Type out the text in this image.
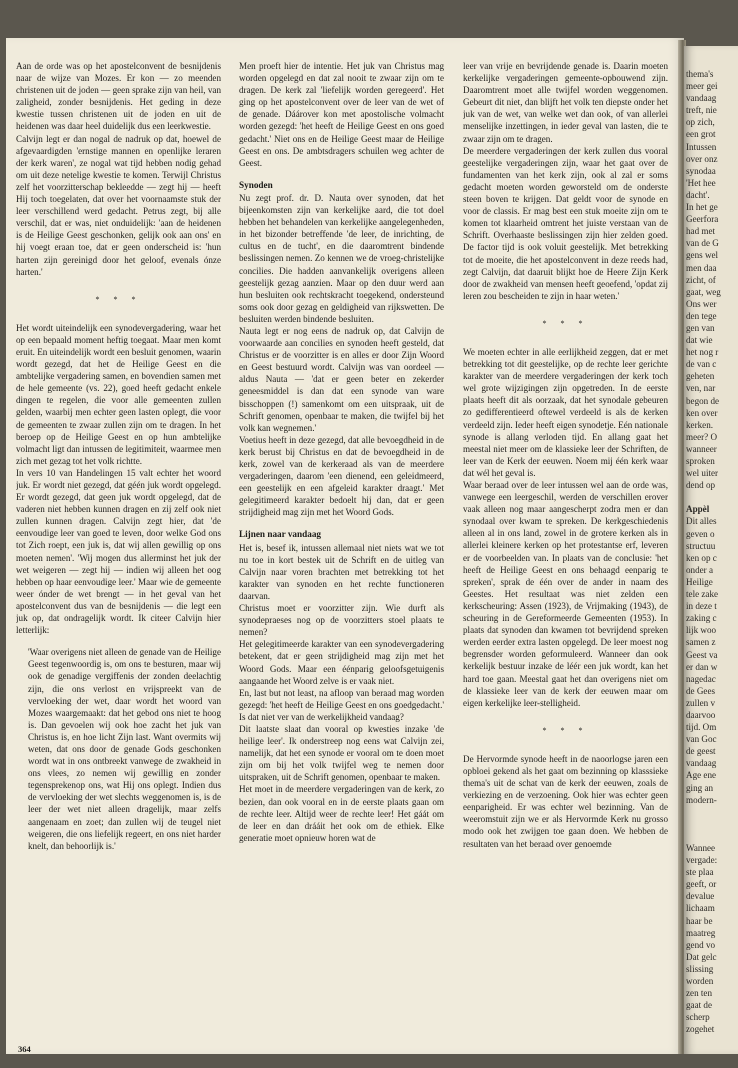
Aan de orde was op het apostelconvent de besnijdenis naar de wijze van Mozes. Er kon — zo meenden christenen uit de joden — geen sprake zijn van heil, van zaligheid, zonder besnijdenis. Het geding in deze kwestie tussen christenen uit de joden en uit de heidenen was daar heel duidelijk dus een leerkwestie.

Calvijn legt er dan nogal de nadruk op dat, hoewel de afgevaardigden 'ernstige mannen en openlijke leraren der kerk waren', ze nogal wat tijd hebben nodig gehad om uit deze netelige kwestie te komen. Terwijl Christus zelf het voorzitterschap bekleedde — zegt hij — heeft Hij toch toegelaten, dat over het voornaamste stuk der leer verschillend werd gedacht. Petrus zegt, bij alle verschil, dat er was, niet onduidelijk: 'aan de heidenen is de Heilige Geest geschonken, gelijk ook aan ons' en hij voegt eraan toe, dat er geen onderscheid is: 'hun harten zijn gereinigd door het geloof, evenals ónze harten.'

* * *

Het wordt uiteindelijk een synodevergadering, waar het op een bepaald moment heftig toegaat. Maar men komt eruit. En uiteindelijk wordt een besluit genomen, waarin wordt gezegd, dat het de Heilige Geest en die ambtelijke vergadering samen, en bovendien samen met de hele gemeente (vs. 22), goed heeft gedacht enkele dingen te regelen, die voor alle gemeenten zullen gelden, waarbij men echter geen lasten oplegt, die voor de gemeenten te zwaar zullen zijn om te dragen. In het beroep op de Heilige Geest en op hun ambtelijke volmacht ligt dan intussen de legitimiteit, waarmee men zich met gezag tot het volk richtte.

In vers 10 van Handelingen 15 valt echter het woord juk. Er wordt niet gezegd, dat géén juk wordt opgelegd. Er wordt gezegd, dat geen juk wordt opgelegd, dat de vaderen niet hebben kunnen dragen en zij zelf ook niet zullen kunnen dragen. Calvijn zegt hier, dat 'de eenvoudige leer van goed te leven, door welke God ons tot Zich roept, een juk is, dat wij allen gewillig op ons moeten nemen'. 'Wij mogen dus allerminst het juk der wet weigeren — zegt hij — indien wij alleen het oog hebben op haar eenvoudige leer.' Maar wie de gemeente weer ónder de wet brengt — in het geval van het apostelconvent dus van de besnijdenis — die legt een juk op, dat ondragelijk wordt. Ik citeer Calvijn hier letterlijk:

'Waar overigens niet alleen de genade van de Heilige Geest tegenwoordig is, om ons te besturen, maar wij ook de genadige vergiffenis der zonden deelachtig zijn, die ons verlost en vrijspreekt van de vervloeking der wet, daar wordt het woord van Mozes waargemaakt: dat het gebod ons niet te hoog is. Dan gevoelen wij ook hoe zacht het juk van Christus is, en hoe licht Zijn last. Want overmits wij weten, dat ons door de genade Gods geschonken wordt wat in ons ontbreekt vanwege de zwakheid in ons vlees, zo nemen wij gewillig en zonder tegensprekenop ons, wat Hij ons oplegt. Indien dus de vervloeking der wet slechts weggenomen is, is de leer der wet niet alleen dragelijk, maar zelfs aangenaam en zoet; dan zullen wij de teugel niet weigeren, die ons liefelijk regeert, en ons niet harder knelt, dan behoorlijk is.'

Men proeft hier de intentie. Het juk van Christus mag worden opgelegd en dat zal nooit te zwaar zijn om te dragen. De kerk zal 'liefelijk worden geregeerd'. Het ging op het apostelconvent over de leer van de wet of de genade. Dáárover kon met apostolische volmacht worden gezegd: 'het heeft de Heilige Geest en ons goed gedacht.' Niet ons en de Heilige Geest maar de Heilige Geest en ons. De ambtsdragers schuilen weg achter de Geest.

Synoden

Nu zegt prof. dr. D. Nauta over synoden, dat het bijeenkomsten zijn van kerkelijke aard, die tot doel hebben het behandelen van kerkelijke aangelegenheden, in het bizonder betreffende 'de leer, de inrichting, de cultus en de tucht', en die daaromtrent bindende beslissingen nemen. Zo kennen we de vroeg-christelijke concilies. Die hadden aanvankelijk overigens alleen geestelijk gezag aanzien. Maar op den duur werd aan hun besluiten ook rechtskracht toegekend, ondersteund soms ook door gezag en geldigheid van rijkswetten. De besluiten werden bindende besluiten.

Nauta legt er nog eens de nadruk op, dat Calvijn de voorwaarde aan concilies en synoden heeft gesteld, dat Christus er de voorzitter is en alles er door Zijn Woord en Geest bestuurd wordt. Calvijn was van oordeel — aldus Nauta — 'dat er geen beter en zekerder geneesmiddel is dan dat een synode van ware bisschoppen (!) samenkomt om een uitspraak, uit de Schrift genomen, openbaar te maken, die twijfel bij het volk kan wegnemen.'

Voetius heeft in deze gezegd, dat alle bevoegdheid in de kerk berust bij Christus en dat de bevoegdheid in de kerk, zowel van de kerkeraad als van de meerdere vergaderingen, daarom 'een dienend, een geleidmeerd, een geestelijk en een afgeleid karakter draagt.' Met gelegitimeerd karakter bedoelt hij dan, dat er geen strijdigheid mag zijn met het Woord Gods.

Lijnen naar vandaag

Het is, besef ik, intussen allemaal niet niets wat we tot nu toe in kort bestek uit de Schrift en de uitleg van Calvijn naar voren brachten met betrekking tot het karakter van synoden en het rechte functioneren daarvan.

Christus moet er voorzitter zijn. Wie durft als synodepraeses nog op de voorzitters stoel plaats te nemen?

Het gelegitimeerde karakter van een synodevergadering betekent, dat er geen strijdigheid mag zijn met het Woord Gods. Maar een éénparig geloofsgetuigenis aangaande het Woord zelve is er vaak niet.

En, last but not least, na afloop van beraad mag worden gezegd: 'het heeft de Heilige Geest en ons goedgedacht.' Is dat niet ver van de werkelijkheid vandaag?

Dit laatste slaat dan vooral op kwesties inzake 'de heilige leer'. Ik onderstreep nog eens wat Calvijn zei, namelijk, dat het een synode er vooral om te doen moet zijn om bij het volk twijfel weg te nemen door uitspraken, uit de Schrift genomen, openbaar te maken.

Het moet in de meerdere vergaderingen van de kerk, zo bezien, dan ook vooral en in de eerste plaats gaan om de rechte leer. Altijd weer de rechte leer! Het gáát om de leer en dan drááit het ook om de ethiek. Elke generatie moet opnieuw horen wat de

leer van vrije en bevrijdende genade is. Daarin moeten kerkelijke vergaderingen gemeente-opbouwend zijn. Daaromtrent moet alle twijfel worden weggenomen. Gebeurt dit niet, dan blijft het volk ten diepste onder het juk van de wet, van welke wet dan ook, of van allerlei menselijke inzettingen, in ieder geval van lasten, die te zwaar zijn om te dragen.

De meerdere vergaderingen der kerk zullen dus vooral geestelijke vergaderingen zijn, waar het gaat over de fundamenten van het kerk zijn, ook al zal er soms gedacht moeten worden geworsteld om de onderste steen boven te krijgen. Dat geldt voor de synode en voor de classis. Er mag best een stuk moeite zijn om te komen tot klaarheid omtrent het juiste verstaan van de Schrift. Overhaaste beslissingen zijn hier zelden goed. De factor tijd is ook voluit geestelijk. Met betrekking tot de moeite, die het apostelconvent in deze reeds had, zegt Calvijn, dat daaruit blijkt hoe de Heere Zijn Kerk door de zwakheid van mensen heeft geoefend, 'opdat zij leren zou bescheiden te zijn in haar weten.'

* * *

We moeten echter in alle eerlijkheid zeggen, dat er met betrekking tot dit geestelijke, op de rechte leer gerichte karakter van de meerdere vergaderingen der kerk toch wel grote wijzigingen zijn opgetreden. In de eerste plaats heeft dit als oorzaak, dat het synodale gebeuren zo gedifferentieerd oftewel verdeeld is als de kerken verdeeld zijn. Ieder heeft eigen synodetje. Eén nationale synode is allang verloden tijd. En allang gaat het meestal niet meer om de klassieke leer der Schriften, de leer van de Kerk der eeuwen. Noem mij één kerk waar dat wél het geval is.

Waar beraad over de leer intussen wel aan de orde was, vanwege een leergeschil, werden de verschillen erover vaak alleen nog maar aangescherpt zodra men er dan synodaal over kwam te spreken. De kerkgeschiedenis alleen al in ons land, zowel in de grotere kerken als in allerlei kleinere kerken op het protestantse erf, leveren er de voorbeelden van. In plaats van de conclusie: 'het heeft de Heilige Geest en ons behaagd eenparig te spreken', sprak de één over de ander in naam des Geestes. Het resultaat was niet zelden een kerkscheuring: Assen (1923), de Vrijmaking (1943), de scheuring in de Gereformeerde Gemeenten (1953). In plaats dat synoden dan kwamen tot bevrijdend spreken werden eerder extra lasten opgelegd. De leer moest nog begrensder worden geformuleerd. Wanneer dan ook kerkelijk bestuur inzake de léér een juk wordt, kan het hard toe gaan. Meestal gaat het dan overigens niet om de klassieke leer van de kerk der eeuwen maar om eigen kerkelijke leer-stelligheid.

* * *

De Hervormde synode heeft in de naoorlogse jaren een opbloei gekend als het gaat om bezinning op klasssieke thema's uit de schat van de kerk der eeuwen, zoals de verkiezing en de verzoening. Ook hier was echter geen eenparigheid. Er was echter wel bezinning. Van de weeromstuit zijn we er als Hervormde Kerk nu grosso modo ook het zwijgen toe gaan doen. We hebben de resultaten van het beraad over genoemde

364
thema's
meer gei
vandaag
treft, nie
op zich,
een grot
Intussen
over onz
synodaa
'Het hee
dacht'.
In het ge
Geerfora
had met
van de G
gens wel
men daa
zicht, of
gaat, weg
Ons wer
den tege
gen van
dat wie
het nog r
de van c
geheten
ven, nar
begon de
ken over
kerken.
meer? O
wanneer
sproken
wel uiter
dend op
Appèl
Dit alles
geven o
structuu
ken op c
onder a
Heilige
tele zake
in deze t
zaking c
lijk woo
samen z
Geest va
er dan w
nagedac
de Gees
zullen v
daarvoo
tijd. Om
van Goc
de geest
vandaag
Age ene
ging an
modern-
Wannee
vergade:
ste plaa
geeft, or
devalue
lichaam
haar be
maatreg
gend vo
Dat gelc
slissing
worden
zen ten
gaat de
scherp
zogehet
